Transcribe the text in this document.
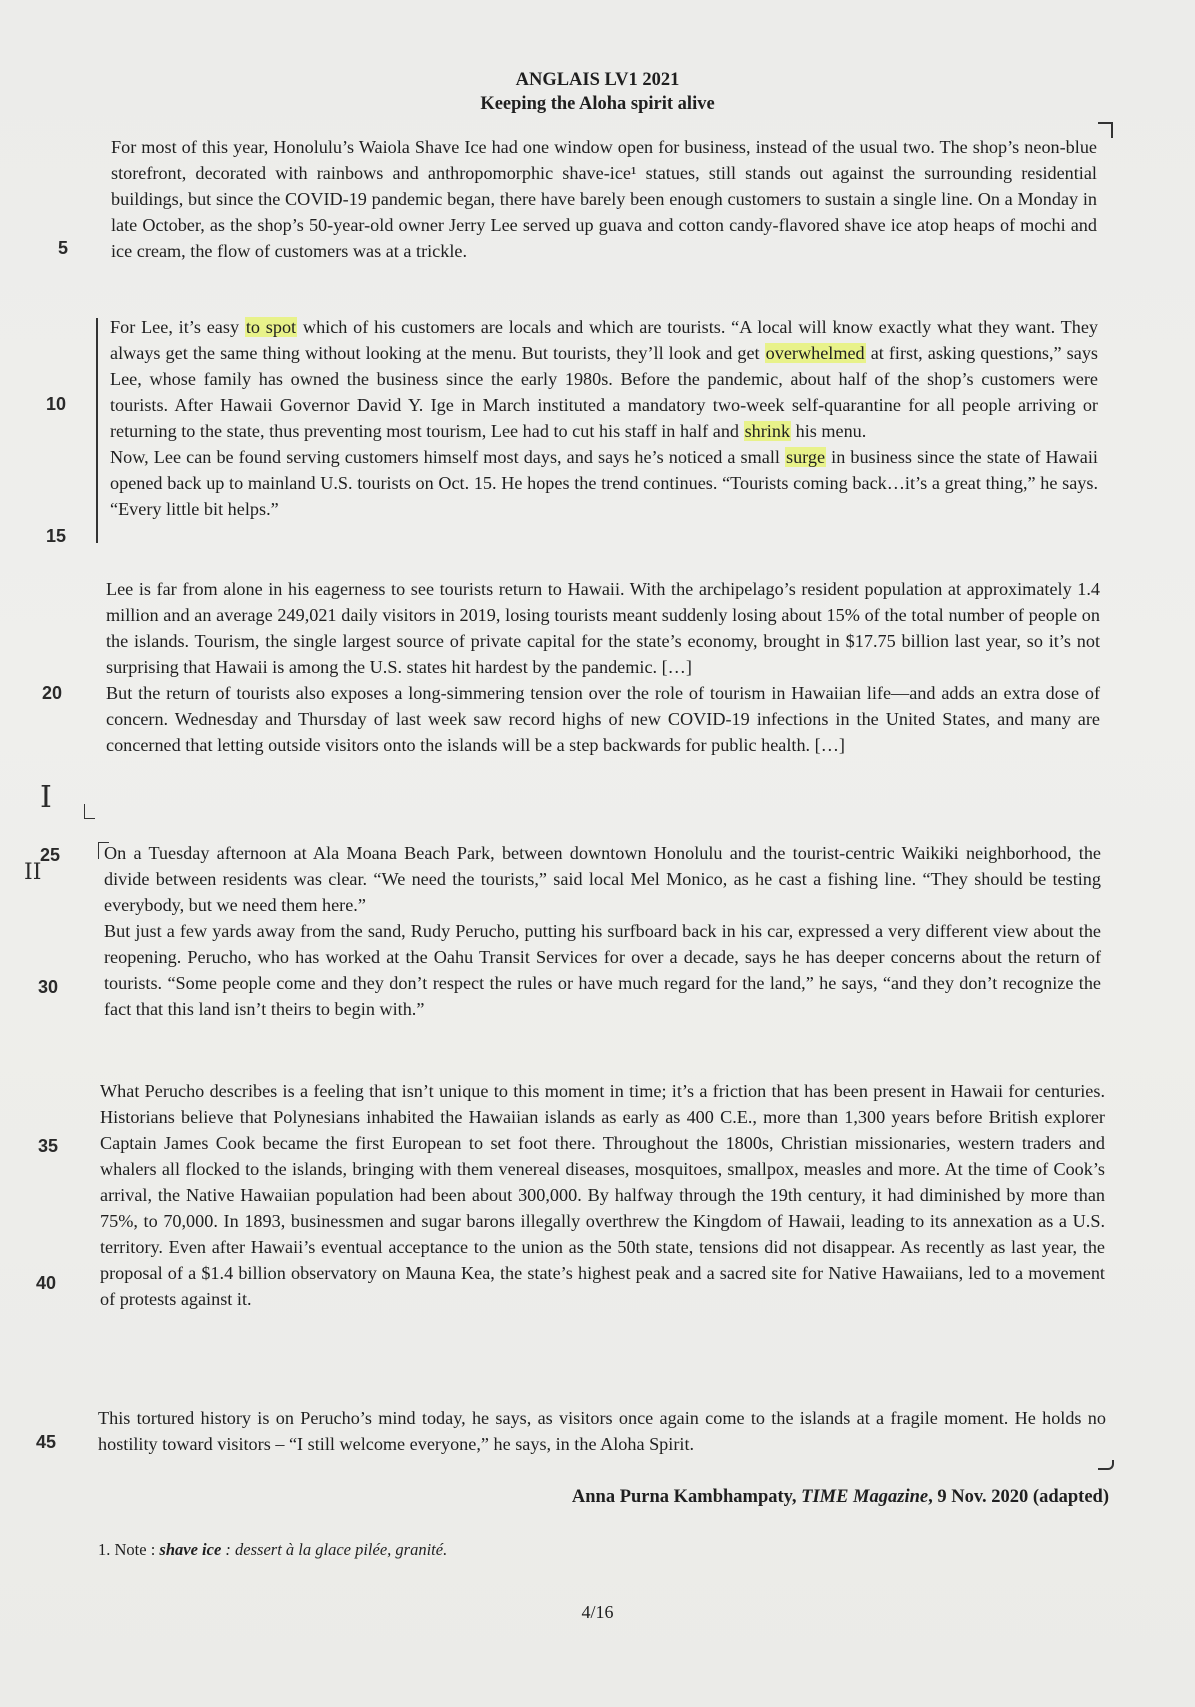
ANGLAIS LV1 2021
Keeping the Aloha spirit alive
5
10
15
20
25
30
35
40
45
I
II

For most of this year, Honolulu’s Waiola Shave Ice had one window open for business, instead of the usual two. The shop’s neon-blue storefront, decorated with rainbows and anthropomorphic shave-ice¹ statues, still stands out against the surrounding residential buildings, but since the COVID-19 pandemic began, there have barely been enough customers to sustain a single line. On a Monday in late October, as the shop’s 50-year-old owner Jerry Lee served up guava and cotton candy-flavored shave ice atop heaps of mochi and ice cream, the flow of customers was at a trickle.

For Lee, it’s easy to spot which of his customers are locals and which are tourists. “A local will know exactly what they want. They always get the same thing without looking at the menu. But tourists, they’ll look and get overwhelmed at first, asking questions,” says Lee, whose family has owned the business since the early 1980s. Before the pandemic, about half of the shop’s customers were tourists. After Hawaii Governor David Y. Ige in March instituted a mandatory two-week self-quarantine for all people arriving or returning to the state, thus preventing most tourism, Lee had to cut his staff in half and shrink his menu.

Now, Lee can be found serving customers himself most days, and says he’s noticed a small surge in business since the state of Hawaii opened back up to mainland U.S. tourists on Oct. 15. He hopes the trend continues. “Tourists coming back…it’s a great thing,” he says. “Every little bit helps.”

Lee is far from alone in his eagerness to see tourists return to Hawaii. With the archipelago’s resident population at approximately 1.4 million and an average 249,021 daily visitors in 2019, losing tourists meant suddenly losing about 15% of the total number of people on the islands. Tourism, the single largest source of private capital for the state’s economy, brought in $17.75 billion last year, so it’s not surprising that Hawaii is among the U.S. states hit hardest by the pandemic. […]

But the return of tourists also exposes a long-simmering tension over the role of tourism in Hawaiian life—and adds an extra dose of concern. Wednesday and Thursday of last week saw record highs of new COVID-19 infections in the United States, and many are concerned that letting outside visitors onto the islands will be a step backwards for public health. […]

On a Tuesday afternoon at Ala Moana Beach Park, between downtown Honolulu and the tourist-centric Waikiki neighborhood, the divide between residents was clear. “We need the tourists,” said local Mel Monico, as he cast a fishing line. “They should be testing everybody, but we need them here.”

But just a few yards away from the sand, Rudy Perucho, putting his surfboard back in his car, expressed a very different view about the reopening. Perucho, who has worked at the Oahu Transit Services for over a decade, says he has deeper concerns about the return of tourists. “Some people come and they don’t respect the rules or have much regard for the land,” he says, “and they don’t recognize the fact that this land isn’t theirs to begin with.”

What Perucho describes is a feeling that isn’t unique to this moment in time; it’s a friction that has been present in Hawaii for centuries. Historians believe that Polynesians inhabited the Hawaiian islands as early as 400 C.E., more than 1,300 years before British explorer Captain James Cook became the first European to set foot there. Throughout the 1800s, Christian missionaries, western traders and whalers all flocked to the islands, bringing with them venereal diseases, mosquitoes, smallpox, measles and more. At the time of Cook’s arrival, the Native Hawaiian population had been about 300,000. By halfway through the 19th century, it had diminished by more than 75%, to 70,000. In 1893, businessmen and sugar barons illegally overthrew the Kingdom of Hawaii, leading to its annexation as a U.S. territory. Even after Hawaii’s eventual acceptance to the union as the 50th state, tensions did not disappear. As recently as last year, the proposal of a $1.4 billion observatory on Mauna Kea, the state’s highest peak and a sacred site for Native Hawaiians, led to a movement of protests against it.

This tortured history is on Perucho’s mind today, he says, as visitors once again come to the islands at a fragile moment. He holds no hostility toward visitors – “I still welcome everyone,” he says, in the Aloha Spirit.

Anna Purna Kambhampaty, TIME Magazine, 9 Nov. 2020 (adapted)
1. Note : shave ice : dessert à la glace pilée, granité.
4/16
